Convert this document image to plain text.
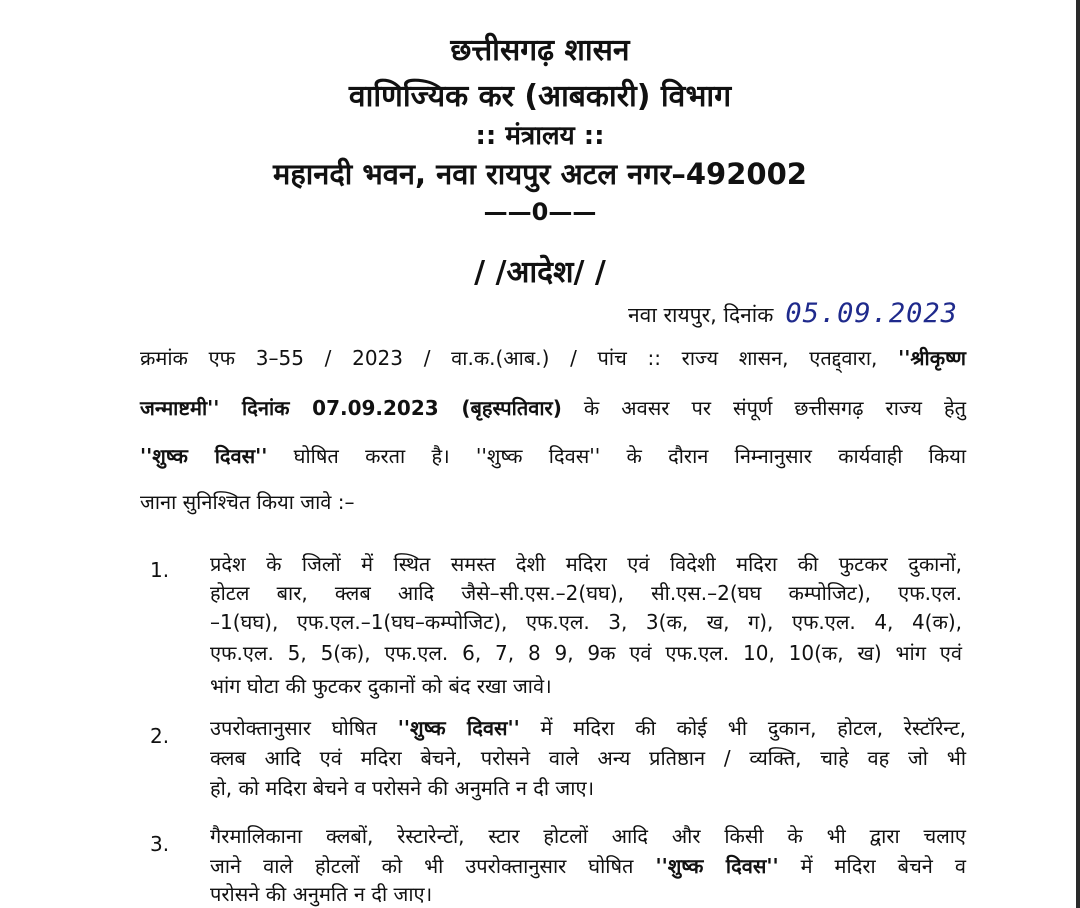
छत्तीसगढ़ शासन
वाणिज्यिक कर (आबकारी) विभाग
:: मंत्रालय ::
महानदी भवन, नवा रायपुर अटल नगर–492002
——0——
/ /आदेश/ /
नवा रायपुर, दिनांक 05.09.2023
क्रमांक एफ 3–55 / 2023 / वा.क.(आब.) / पांच :: राज्य शासन, एतद्द्वारा, ''श्रीकृष्ण
जन्माष्टमी'' दिनांक 07.09.2023 (बृहस्पतिवार) के अवसर पर संपूर्ण छत्तीसगढ़ राज्य हेतु
''शुष्क दिवस'' घोषित करता है। ''शुष्क दिवस'' के दौरान निम्नानुसार कार्यवाही किया
जाना सुनिश्चित किया जावे :–
1. प्रदेश के जिलों में स्थित समस्त देशी मदिरा एवं विदेशी मदिरा की फुटकर दुकानों,
होटल बार, क्लब आदि जैसे–सी.एस.–2(घघ), सी.एस.–2(घघ कम्पोजिट), एफ.एल.
–1(घघ), एफ.एल.–1(घघ–कम्पोजिट), एफ.एल. 3, 3(क, ख, ग), एफ.एल. 4, 4(क),
एफ.एल. 5, 5(क), एफ.एल. 6, 7, 8 9, 9क एवं एफ.एल. 10, 10(क, ख) भांग एवं
भांग घोटा की फुटकर दुकानों को बंद रखा जावे।
2. उपरोक्तानुसार घोषित ''शुष्क दिवस'' में मदिरा की कोई भी दुकान, होटल, रेस्टॉरेन्ट,
क्लब आदि एवं मदिरा बेचने, परोसने वाले अन्य प्रतिष्ठान / व्यक्ति, चाहे वह जो भी
हो, को मदिरा बेचने व परोसने की अनुमति न दी जाए।
3. गैरमालिकाना क्लबों, रेस्टारेन्टों, स्टार होटलों आदि और किसी के भी द्वारा चलाए
जाने वाले होटलों को भी उपरोक्तानुसार घोषित ''शुष्क दिवस'' में मदिरा बेचने व
परोसने की अनुमति न दी जाए।
